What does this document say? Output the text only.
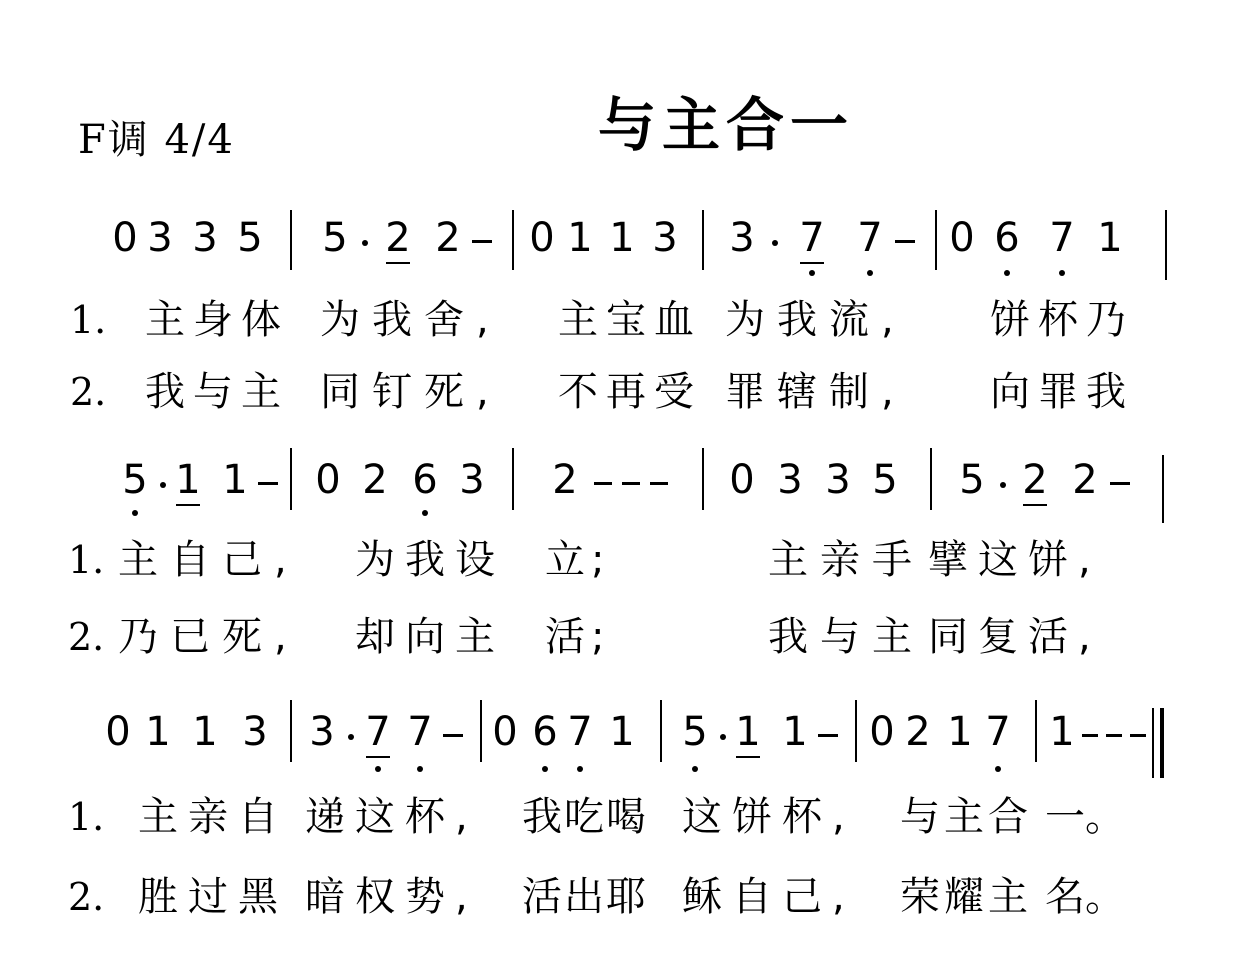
F调 4/4	与主合一
0 3 3 5 5 2 2 0 1 1 3 3 7 7 0 6 7 1
1. 主身体 为我舍, 主宝血 为我流, 饼杯乃
2. 我与主 同钉死, 不再受 罪辖制, 向罪我
5 1 1 0 2 6 3 2	0 3 3 5 5 2 2
1. 主自己, 为我设 立;	主亲手 擘这饼,
2. 乃已死, 却向主 活;	我与主 同复活,
0 1 1 3 3 7 7 0 6 7 1 5 1 1 0 2 1 7 1
1. 主亲自 递这杯, 我吃喝 这饼杯, 与主合 一。
2. 胜过黑 暗权势, 活出耶 稣自己, 荣耀主 名。
